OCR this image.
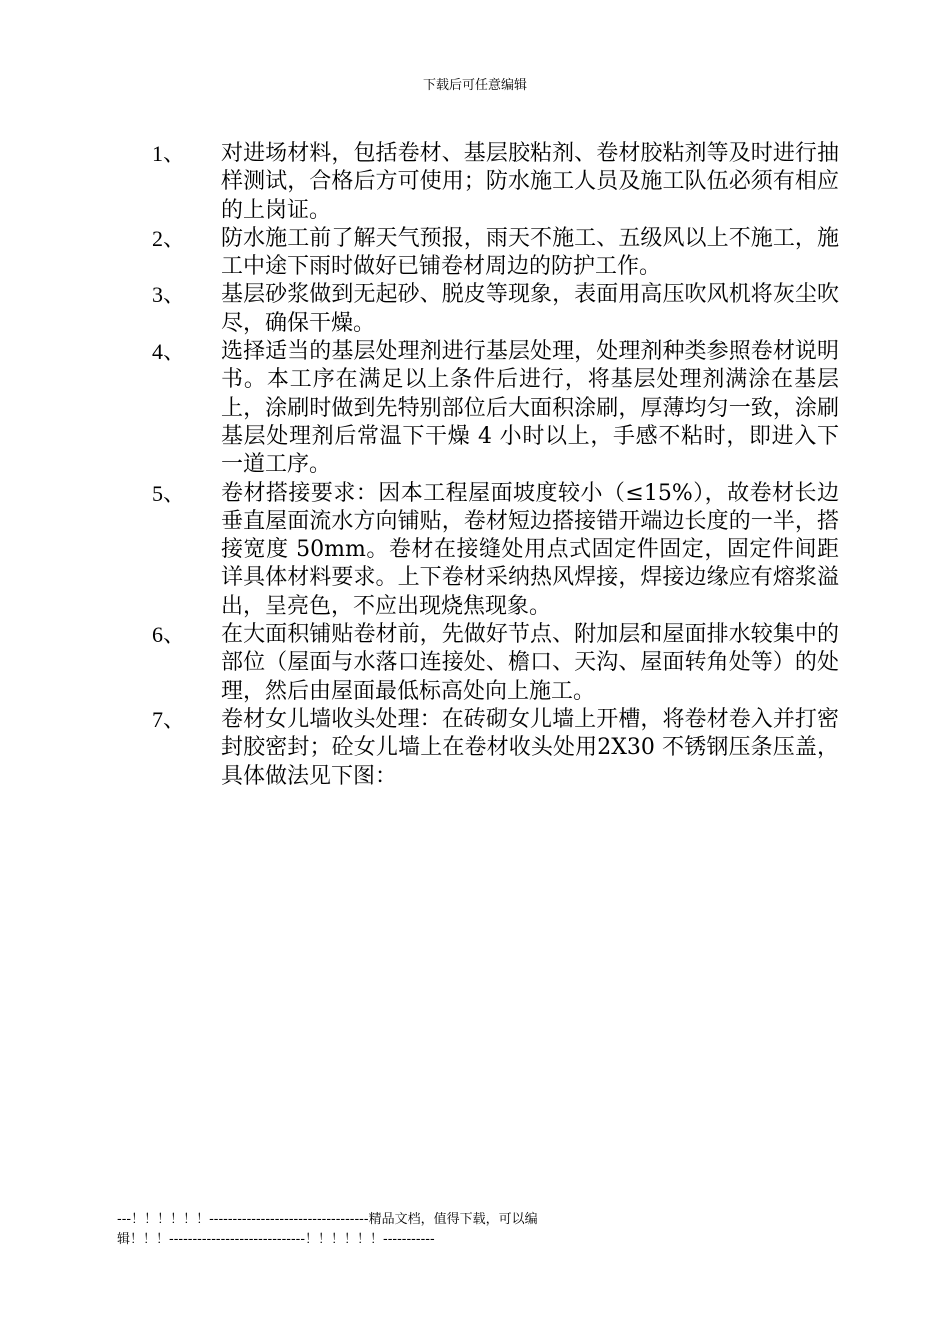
下载后可任意编辑
1、 对进场材料，包括卷材、基层胶粘剂、卷材胶粘剂等及时进行抽样测试，合格后方可使用；防水施工人员及施工队伍必须有相应的上岗证。
2、 防水施工前了解天气预报，雨天不施工、五级风以上不施工，施工中途下雨时做好已铺卷材周边的防护工作。
3、 基层砂浆做到无起砂、脱皮等现象，表面用高压吹风机将灰尘吹尽，确保干燥。
4、 选择适当的基层处理剂进行基层处理，处理剂种类参照卷材说明书。本工序在满足以上条件后进行，将基层处理剂满涂在基层上，涂刷时做到先特别部位后大面积涂刷，厚薄均匀一致，涂刷基层处理剂后常温下干燥 4 小时以上，手感不粘时，即进入下一道工序。
5、 卷材搭接要求：因本工程屋面坡度较小（≤15%），故卷材长边垂直屋面流水方向铺贴，卷材短边搭接错开端边长度的一半，搭接宽度 50mm。卷材在接缝处用点式固定件固定，固定件间距详具体材料要求。上下卷材采纳热风焊接，焊接边缘应有熔浆溢出，呈亮色，不应出现烧焦现象。
6、 在大面积铺贴卷材前，先做好节点、附加层和屋面排水较集中的部位（屋面与水落口连接处、檐口、天沟、屋面转角处等）的处理，然后由屋面最低标高处向上施工。
7、 卷材女儿墙收头处理：在砖砌女儿墙上开槽，将卷材卷入并打密封胶密封；砼女儿墙上在卷材收头处用2X30 不锈钢压条压盖，具体做法见下图：
---！！！！！！----------------------------------精品文档，值得下载，可以编
辑！！！-----------------------------！！！！！！-----------
